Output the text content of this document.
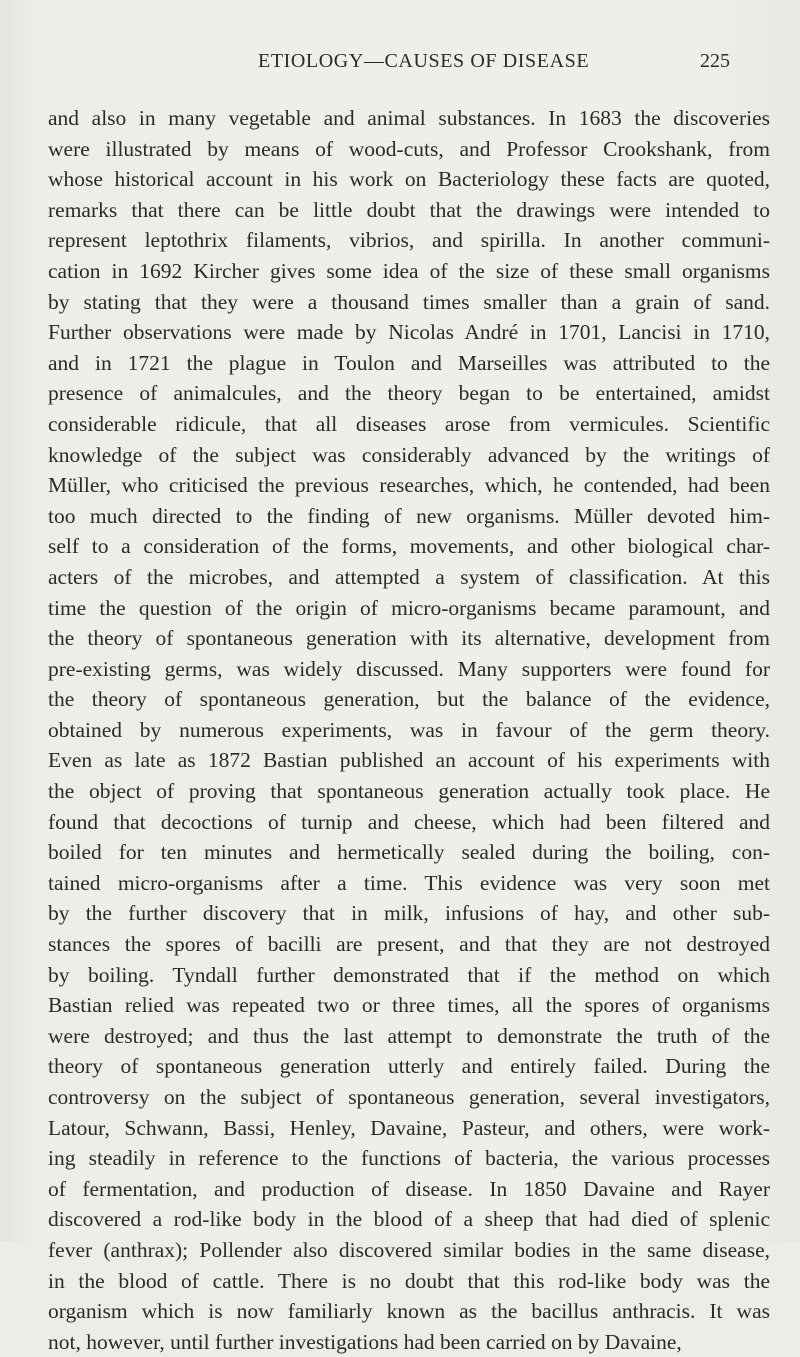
ETIOLOGY—CAUSES OF DISEASE	225
and also in many vegetable and animal substances. In 1683 the discoveries
were illustrated by means of wood-cuts, and Professor Crookshank, from
whose historical account in his work on Bacteriology these facts are quoted,
remarks that there can be little doubt that the drawings were intended to
represent leptothrix filaments, vibrios, and spirilla. In another communi-
cation in 1692 Kircher gives some idea of the size of these small organisms
by stating that they were a thousand times smaller than a grain of sand.
Further observations were made by Nicolas André in 1701, Lancisi in 1710,
and in 1721 the plague in Toulon and Marseilles was attributed to the
presence of animalcules, and the theory began to be entertained, amidst
considerable ridicule, that all diseases arose from vermicules. Scientific
knowledge of the subject was considerably advanced by the writings of
Müller, who criticised the previous researches, which, he contended, had been
too much directed to the finding of new organisms. Müller devoted him-
self to a consideration of the forms, movements, and other biological char-
acters of the microbes, and attempted a system of classification. At this
time the question of the origin of micro-organisms became paramount, and
the theory of spontaneous generation with its alternative, development from
pre-existing germs, was widely discussed. Many supporters were found for
the theory of spontaneous generation, but the balance of the evidence,
obtained by numerous experiments, was in favour of the germ theory.
Even as late as 1872 Bastian published an account of his experiments with
the object of proving that spontaneous generation actually took place. He
found that decoctions of turnip and cheese, which had been filtered and
boiled for ten minutes and hermetically sealed during the boiling, con-
tained micro-organisms after a time. This evidence was very soon met
by the further discovery that in milk, infusions of hay, and other sub-
stances the spores of bacilli are present, and that they are not destroyed
by boiling. Tyndall further demonstrated that if the method on which
Bastian relied was repeated two or three times, all the spores of organisms
were destroyed; and thus the last attempt to demonstrate the truth of the
theory of spontaneous generation utterly and entirely failed. During the
controversy on the subject of spontaneous generation, several investigators,
Latour, Schwann, Bassi, Henley, Davaine, Pasteur, and others, were work-
ing steadily in reference to the functions of bacteria, the various processes
of fermentation, and production of disease. In 1850 Davaine and Rayer
discovered a rod-like body in the blood of a sheep that had died of splenic
fever (anthrax); Pollender also discovered similar bodies in the same disease,
in the blood of cattle. There is no doubt that this rod-like body was the
organism which is now familiarly known as the bacillus anthracis. It was
not, however, until further investigations had been carried on by Davaine,
